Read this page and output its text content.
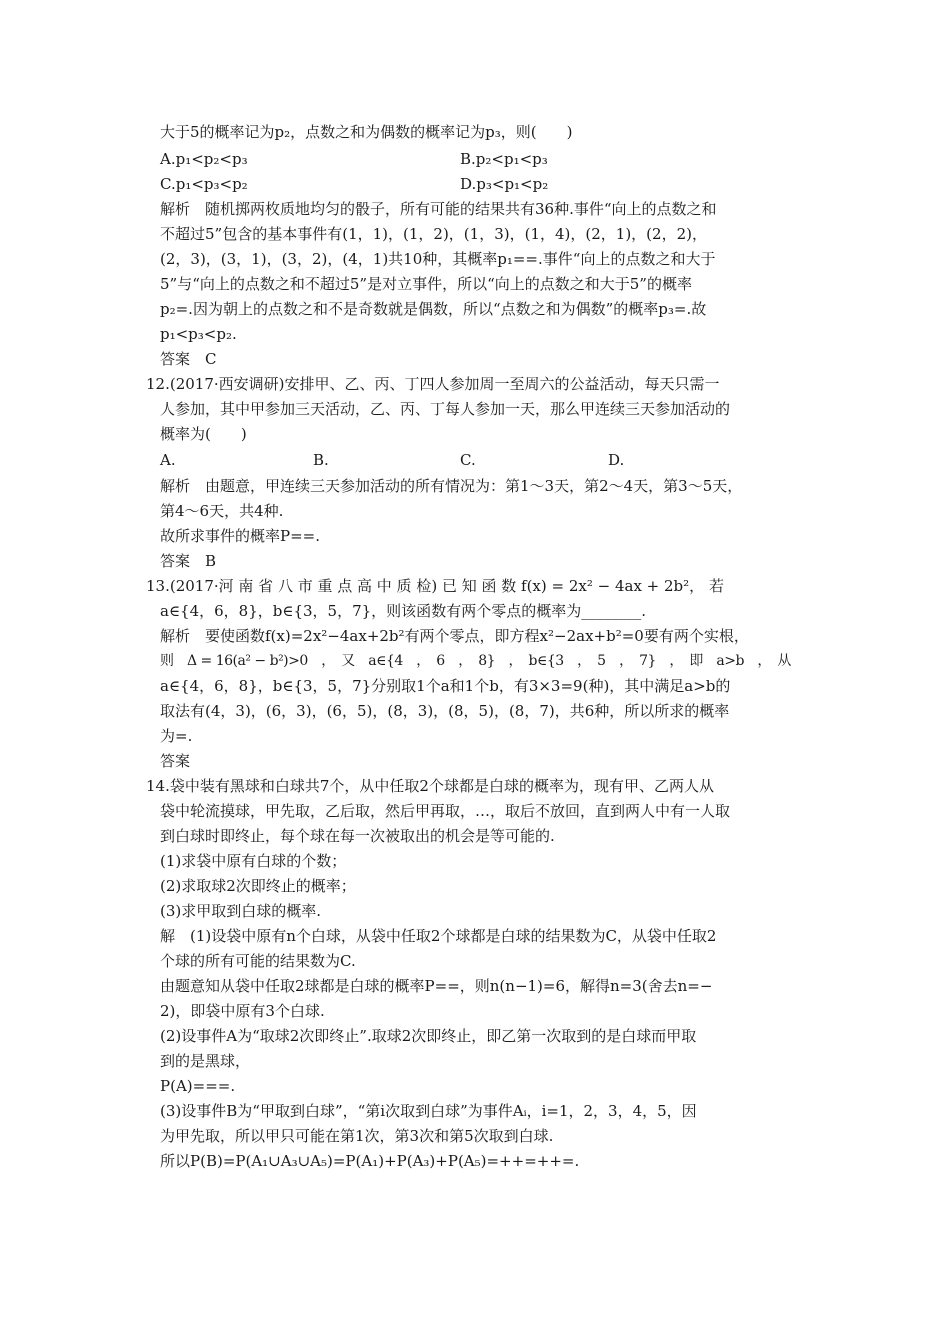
大于5的概率记为p₂，点数之和为偶数的概率记为p₃，则(　　)
A.p₁<p₂<p₃	B.p₂<p₁<p₃
C.p₁<p₃<p₂	D.p₃<p₁<p₂
解析　随机掷两枚质地均匀的骰子，所有可能的结果共有36种.事件“向上的点数之和
不超过5”包含的基本事件有(1，1)，(1，2)，(1，3)，(1，4)，(2，1)，(2，2)，
(2，3)，(3，1)，(3，2)，(4，1)共10种，其概率p₁==.事件“向上的点数之和大于
5”与“向上的点数之和不超过5”是对立事件，所以“向上的点数之和大于5”的概率
p₂=.因为朝上的点数之和不是奇数就是偶数，所以“点数之和为偶数”的概率p₃=.故
p₁<p₃<p₂.
答案　C
12.(2017·西安调研)安排甲、乙、丙、丁四人参加周一至周六的公益活动，每天只需一
人参加，其中甲参加三天活动，乙、丙、丁每人参加一天，那么甲连续三天参加活动的
概率为(　　)
A.	B.	C.	D.
解析　由题意，甲连续三天参加活动的所有情况为：第1～3天，第2～4天，第3～5天，
第4～6天，共4种.
故所求事件的概率P==.
答案　B
13.(2017·河 南 省 八 市 重 点 高 中 质 检) 已 知 函 数 f(x) = 2x² − 4ax + 2b²， 若
a∈{4，6，8}，b∈{3，5，7}，则该函数有两个零点的概率为________.
解析　要使函数f(x)=2x²−4ax+2b²有两个零点，即方程x²−2ax+b²=0要有两个实根，
则　Δ = 16(a² − b²)>0　，　又　a∈{4　，　6　，　8}　，　b∈{3　，　5　，　7}　，　即　a>b　，　从
a∈{4，6，8}，b∈{3，5，7}分别取1个a和1个b，有3×3=9(种)，其中满足a>b的
取法有(4，3)，(6，3)，(6，5)，(8，3)，(8，5)，(8，7)，共6种，所以所求的概率
为=.
答案
14.袋中装有黑球和白球共7个，从中任取2个球都是白球的概率为，现有甲、乙两人从
袋中轮流摸球，甲先取，乙后取，然后甲再取，…，取后不放回，直到两人中有一人取
到白球时即终止，每个球在每一次被取出的机会是等可能的.
(1)求袋中原有白球的个数；
(2)求取球2次即终止的概率；
(3)求甲取到白球的概率.
解　(1)设袋中原有n个白球，从袋中任取2个球都是白球的结果数为C，从袋中任取2
个球的所有可能的结果数为C.
由题意知从袋中任取2球都是白球的概率P==，则n(n−1)=6，解得n=3(舍去n=−
2)，即袋中原有3个白球.
(2)设事件A为“取球2次即终止”.取球2次即终止，即乙第一次取到的是白球而甲取
到的是黑球，
P(A)===.
(3)设事件B为“甲取到白球”，“第i次取到白球”为事件Aᵢ，i=1，2，3，4，5，因
为甲先取，所以甲只可能在第1次，第3次和第5次取到白球.
所以P(B)=P(A₁∪A₃∪A₅)=P(A₁)+P(A₃)+P(A₅)=++=++=.
